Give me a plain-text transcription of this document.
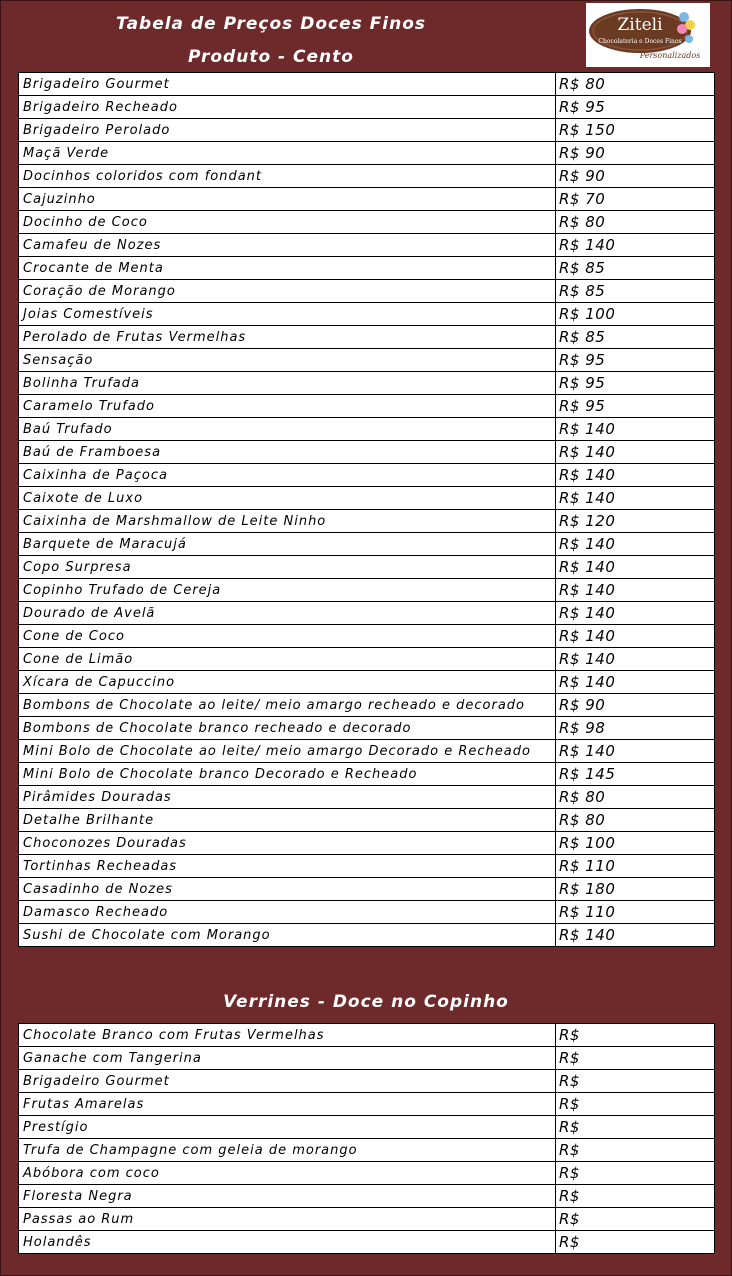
Tabela de Preços Doces Finos
Produto - Cento
Ziteli
Chocolateria e Doces Finos
Personalizados
Brigadeiro Gourmet	R$ 80
Brigadeiro Recheado	R$ 95
Brigadeiro Perolado	R$ 150
Maçã Verde	R$ 90
Docinhos coloridos com fondant	R$ 90
Cajuzinho	R$ 70
Docinho de Coco	R$ 80
Camafeu de Nozes	R$ 140
Crocante de Menta	R$ 85
Coração de Morango	R$ 85
Joias Comestíveis	R$ 100
Perolado de Frutas Vermelhas	R$ 85
Sensação	R$ 95
Bolinha Trufada	R$ 95
Caramelo Trufado	R$ 95
Baú Trufado	R$ 140
Baú de Framboesa	R$ 140
Caixinha de Paçoca	R$ 140
Caixote de Luxo	R$ 140
Caixinha de Marshmallow de Leite Ninho	R$ 120
Barquete de Maracujá	R$ 140
Copo Surpresa	R$ 140
Copinho Trufado de Cereja	R$ 140
Dourado de Avelã	R$ 140
Cone de Coco	R$ 140
Cone de Limão	R$ 140
Xícara de Capuccino	R$ 140
Bombons de Chocolate ao leite/ meio amargo recheado e decorado	R$ 90
Bombons de Chocolate branco recheado e decorado	R$ 98
Mini Bolo de Chocolate ao leite/ meio amargo Decorado e Recheado	R$ 140
Mini Bolo de Chocolate branco Decorado e Recheado	R$ 145
Pirâmides Douradas	R$ 80
Detalhe Brilhante	R$ 80
Choconozes Douradas	R$ 100
Tortinhas Recheadas	R$ 110
Casadinho de Nozes	R$ 180
Damasco Recheado	R$ 110
Sushi de Chocolate com Morango	R$ 140
Verrines - Doce no Copinho
Chocolate Branco com Frutas Vermelhas	R$
Ganache com Tangerina	R$
Brigadeiro Gourmet	R$
Frutas Amarelas	R$
Prestígio	R$
Trufa de Champagne com geleia de morango	R$
Abóbora com coco	R$
Floresta Negra	R$
Passas ao Rum	R$
Holandês	R$
